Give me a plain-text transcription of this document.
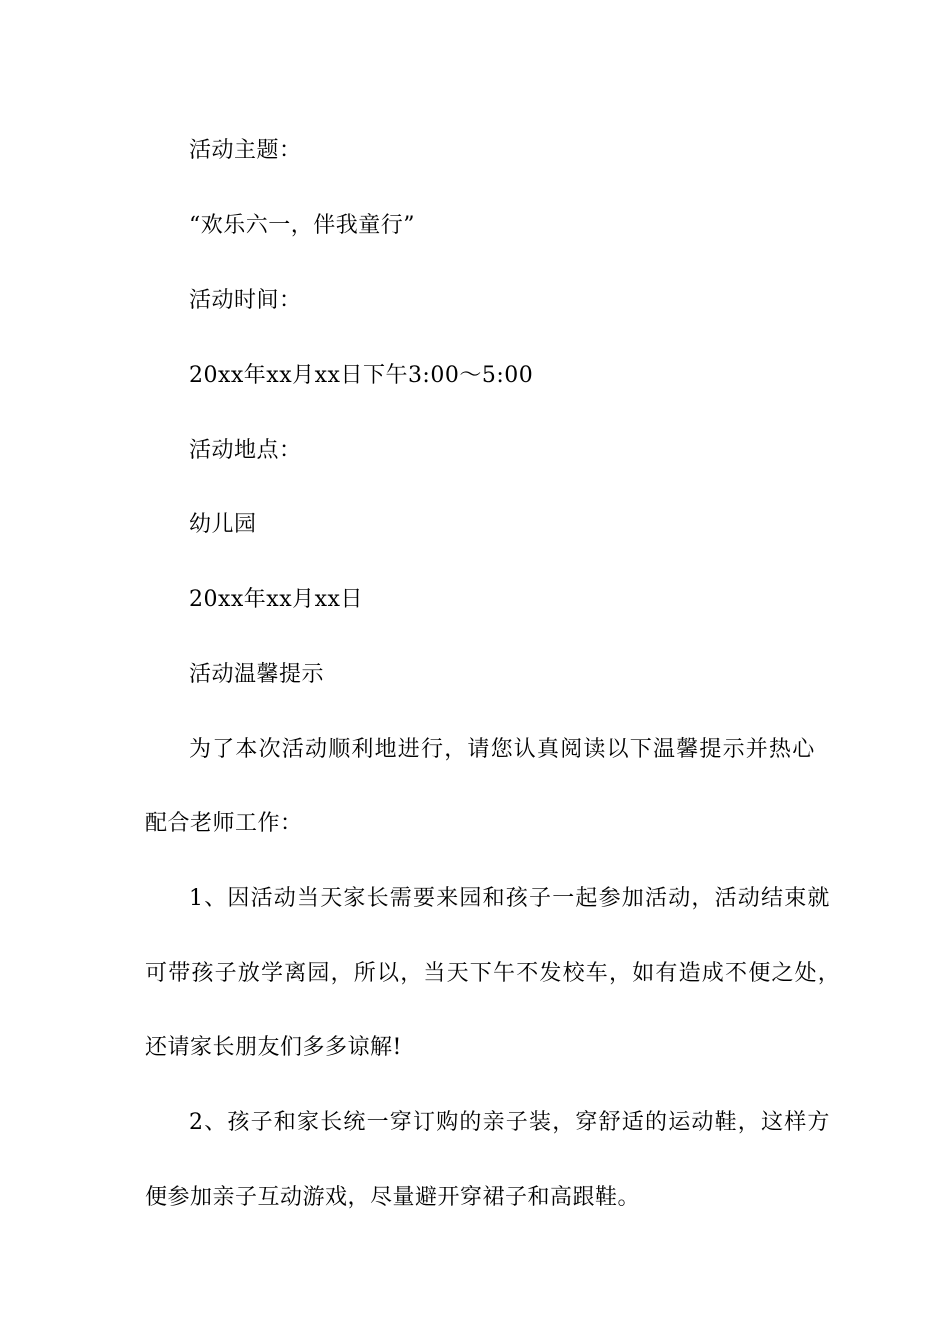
活动主题：
“欢乐六一，伴我童行”
活动时间：
20xx年xx月xx日下午3:00～5:00
活动地点：
幼儿园
20xx年xx月xx日
活动温馨提示
为了本次活动顺利地进行，请您认真阅读以下温馨提示并热心
配合老师工作：
1、因活动当天家长需要来园和孩子一起参加活动，活动结束就
可带孩子放学离园，所以，当天下午不发校车，如有造成不便之处，
还请家长朋友们多多谅解!
2、孩子和家长统一穿订购的亲子装，穿舒适的运动鞋，这样方
便参加亲子互动游戏，尽量避开穿裙子和高跟鞋。
